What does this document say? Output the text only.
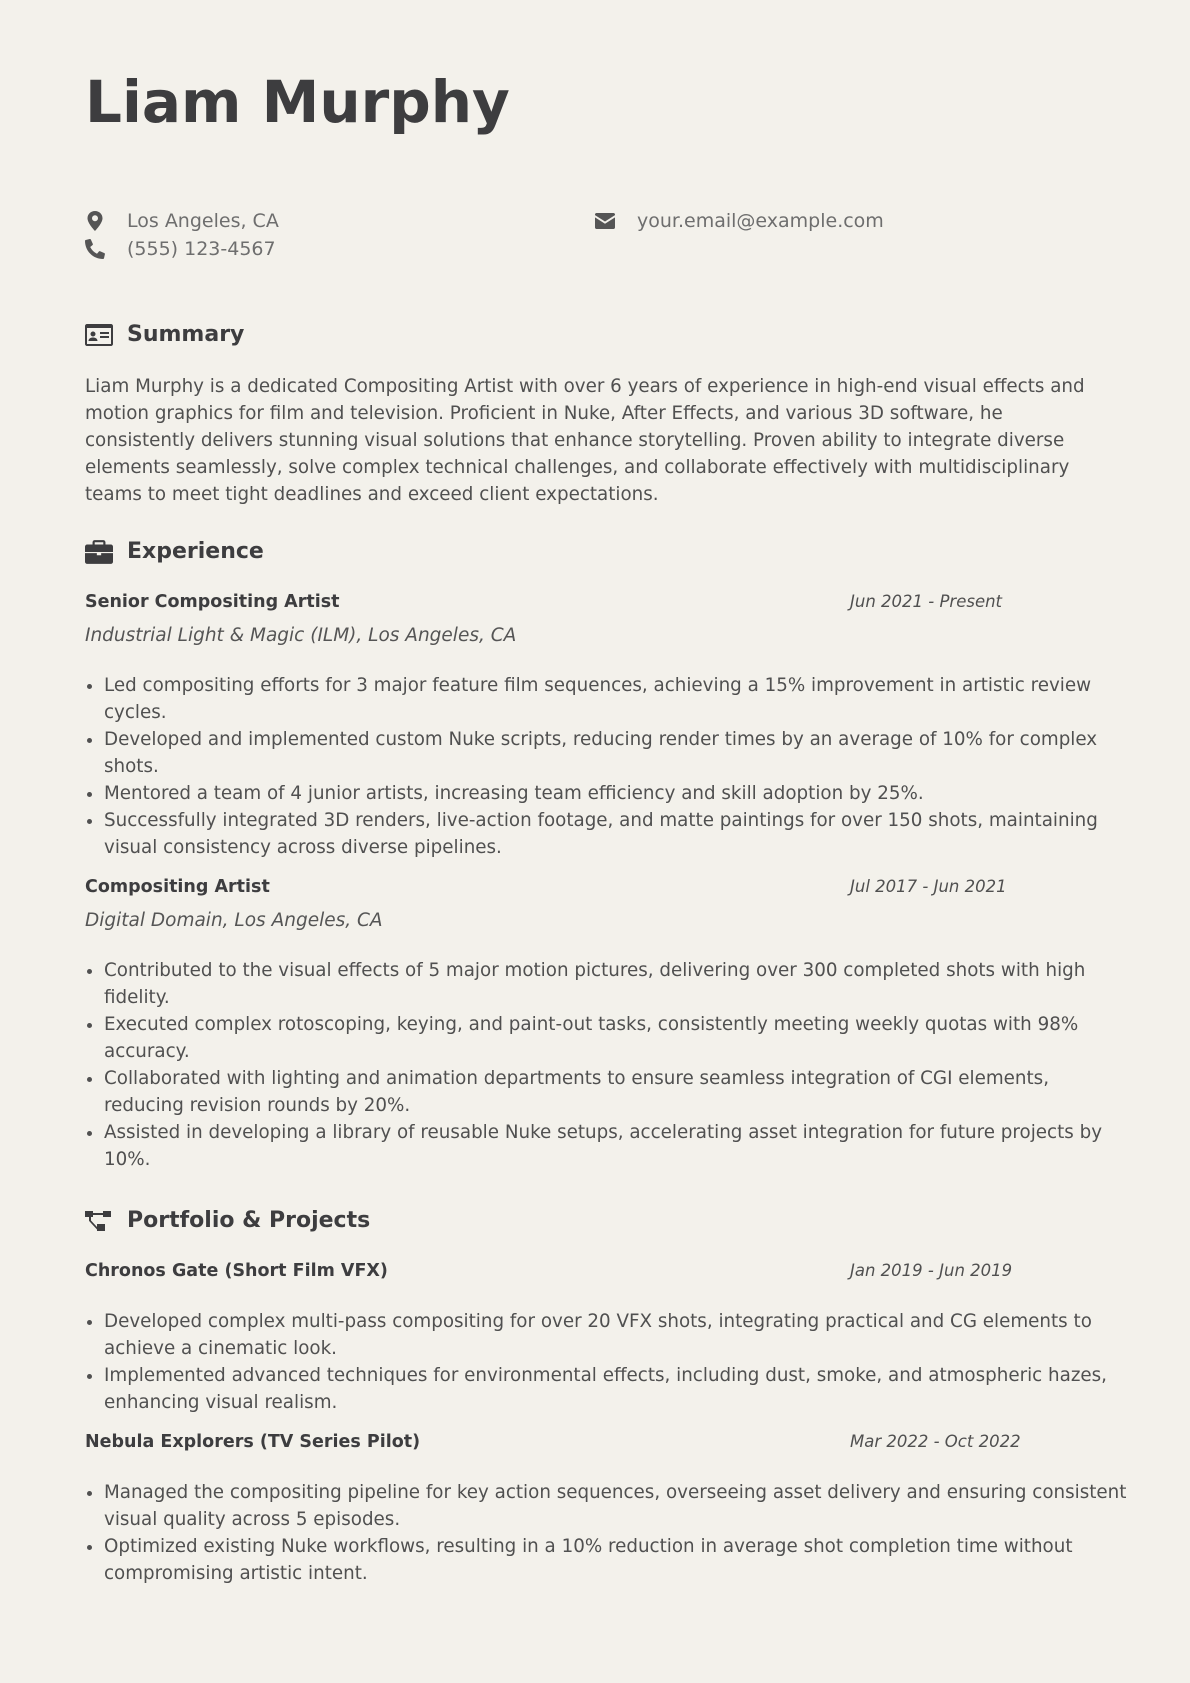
Liam Murphy
Los Angeles, CA
(555) 123-4567
your.email@example.com
Summary

Liam Murphy is a dedicated Compositing Artist with over 6 years of experience in high-end visual effects and motion graphics for film and television. Proficient in Nuke, After Effects, and various 3D software, he consistently delivers stunning visual solutions that enhance storytelling. Proven ability to integrate diverse elements seamlessly, solve complex technical challenges, and collaborate effectively with multidisciplinary teams to meet tight deadlines and exceed client expectations.

Experience
Senior Compositing Artist	Jun 2021 - Present
Industrial Light & Magic (ILM), Los Angeles, CA
• Led compositing efforts for 3 major feature film sequences, achieving a 15% improvement in artistic review cycles.
• Developed and implemented custom Nuke scripts, reducing render times by an average of 10% for complex shots.
• Mentored a team of 4 junior artists, increasing team efficiency and skill adoption by 25%.
• Successfully integrated 3D renders, live-action footage, and matte paintings for over 150 shots, maintaining visual consistency across diverse pipelines.
Compositing Artist	Jul 2017 - Jun 2021
Digital Domain, Los Angeles, CA
• Contributed to the visual effects of 5 major motion pictures, delivering over 300 completed shots with high fidelity.
• Executed complex rotoscoping, keying, and paint-out tasks, consistently meeting weekly quotas with 98% accuracy.
• Collaborated with lighting and animation departments to ensure seamless integration of CGI elements, reducing revision rounds by 20%.
• Assisted in developing a library of reusable Nuke setups, accelerating asset integration for future projects by 10%.
Portfolio & Projects
Chronos Gate (Short Film VFX)	Jan 2019 - Jun 2019
• Developed complex multi-pass compositing for over 20 VFX shots, integrating practical and CG elements to achieve a cinematic look.
• Implemented advanced techniques for environmental effects, including dust, smoke, and atmospheric hazes, enhancing visual realism.
Nebula Explorers (TV Series Pilot)	Mar 2022 - Oct 2022
• Managed the compositing pipeline for key action sequences, overseeing asset delivery and ensuring consistent visual quality across 5 episodes.
• Optimized existing Nuke workflows, resulting in a 10% reduction in average shot completion time without compromising artistic intent.
